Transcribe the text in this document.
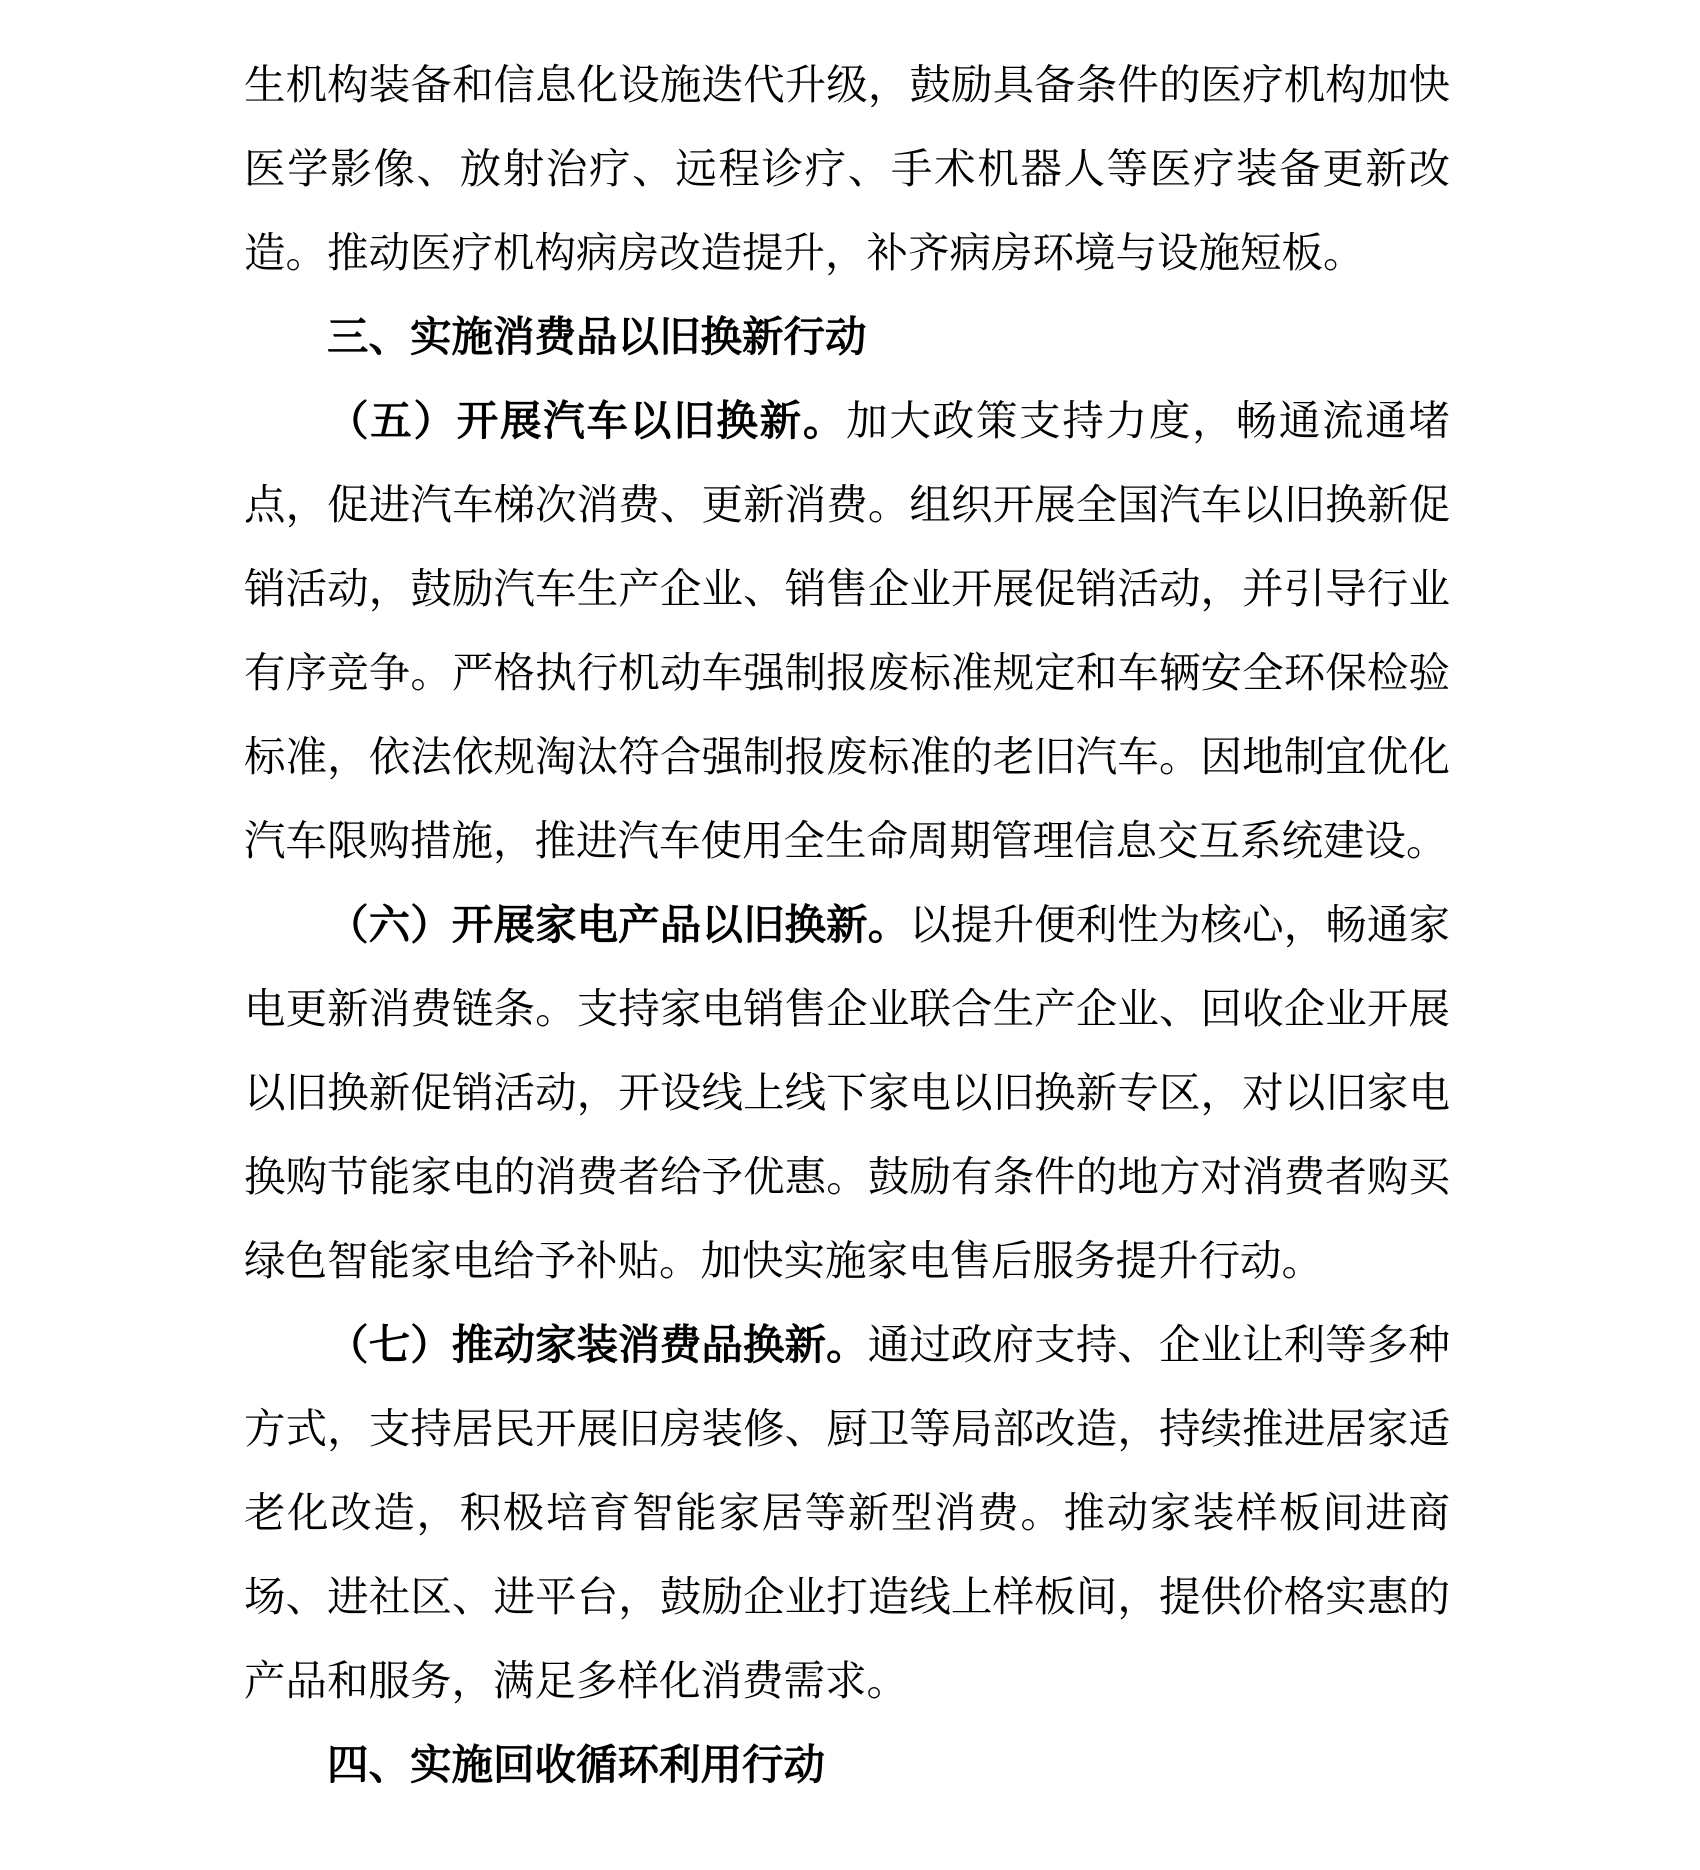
生机构装备和信息化设施迭代升级，鼓励具备条件的医疗机构加快医学影像、放射治疗、远程诊疗、手术机器人等医疗装备更新改造。推动医疗机构病房改造提升，补齐病房环境与设施短板。

三、实施消费品以旧换新行动

（五）开展汽车以旧换新。加大政策支持力度，畅通流通堵点，促进汽车梯次消费、更新消费。组织开展全国汽车以旧换新促销活动，鼓励汽车生产企业、销售企业开展促销活动，并引导行业有序竞争。严格执行机动车强制报废标准规定和车辆安全环保检验标准，依法依规淘汰符合强制报废标准的老旧汽车。因地制宜优化汽车限购措施，推进汽车使用全生命周期管理信息交互系统建设。

（六）开展家电产品以旧换新。以提升便利性为核心，畅通家电更新消费链条。支持家电销售企业联合生产企业、回收企业开展以旧换新促销活动，开设线上线下家电以旧换新专区，对以旧家电换购节能家电的消费者给予优惠。鼓励有条件的地方对消费者购买绿色智能家电给予补贴。加快实施家电售后服务提升行动。

（七）推动家装消费品换新。通过政府支持、企业让利等多种方式，支持居民开展旧房装修、厨卫等局部改造，持续推进居家适老化改造，积极培育智能家居等新型消费。推动家装样板间进商场、进社区、进平台，鼓励企业打造线上样板间，提供价格实惠的产品和服务，满足多样化消费需求。

四、实施回收循环利用行动
